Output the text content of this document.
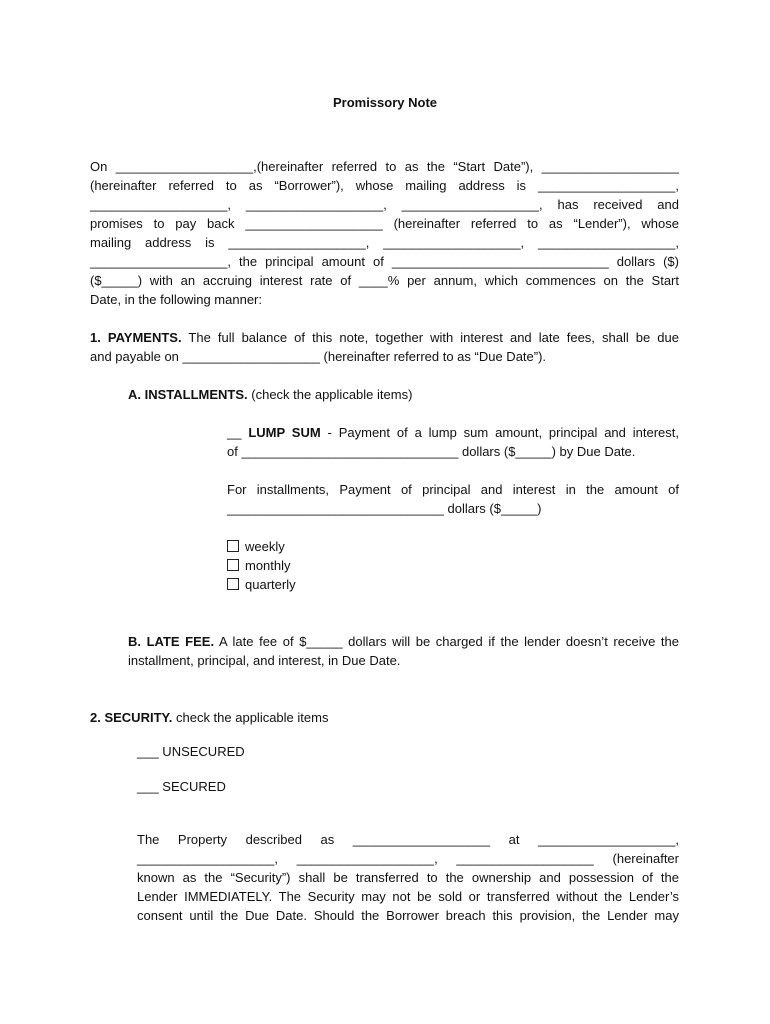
Promissory Note
On ___________________,(hereinafter referred to as the “Start Date”), ___________________
(hereinafter referred to as “Borrower”), whose mailing address is ___________________,
___________________, ___________________, ___________________, has received and
promises to pay back ___________________ (hereinafter referred to as “Lender”), whose
mailing address is ___________________, ___________________, ___________________,
___________________, the principal amount of ______________________________ dollars ($)
($_____) with an accruing interest rate of ____% per annum, which commences on the Start
Date, in the following manner:
1. PAYMENTS. The full balance of this note, together with interest and late fees, shall be due
and payable on ___________________ (hereinafter referred to as “Due Date”).
A. INSTALLMENTS. (check the applicable items)
__ LUMP SUM - Payment of a lump sum amount, principal and interest,
of ______________________________ dollars ($_____) by Due Date.
For installments, Payment of principal and interest in the amount of
______________________________ dollars ($_____)
weekly
monthly
quarterly
B. LATE FEE. A late fee of $_____ dollars will be charged if the lender doesn’t receive the
installment, principal, and interest, in Due Date.
2. SECURITY. check the applicable items
___ UNSECURED
___ SECURED
The Property described as ___________________ at ___________________,
___________________, ___________________, ___________________ (hereinafter
known as the “Security”) shall be transferred to the ownership and possession of the
Lender IMMEDIATELY. The Security may not be sold or transferred without the Lender’s
consent until the Due Date. Should the Borrower breach this provision, the Lender may
